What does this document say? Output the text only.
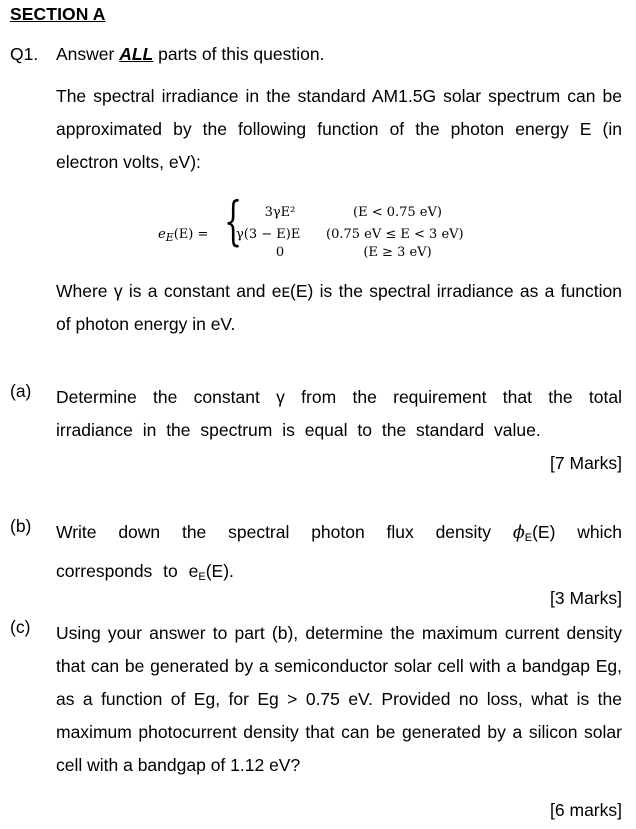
SECTION A
Q1. Answer ALL parts of this question.
The spectral irradiance in the standard AM1.5G solar spectrum can be approximated by the following function of the photon energy E (in electron volts, eV):
$e_E(E)$ = {	3γE²
γ(3 − E)E
0
(E < 0.75 eV)
(0.75 eV ≤ E < 3 eV)
(E ≥ 3 eV)
Where γ is a constant and eᴇ(E) is the spectral irradiance as a function of photon energy in eV.
(a) Determine the constant γ from the requirement that the total irradiance in the spectrum is equal to the standard value.
[7 Marks]
(b) Write down the spectral photon flux density $\phi_E(E)$ which corresponds to $e_E(E)$.
[3 Marks]
(c) Using your answer to part (b), determine the maximum current density that can be generated by a semiconductor solar cell with a bandgap Eg, as a function of Eg, for Eg > 0.75 eV. Provided no loss, what is the maximum photocurrent density that can be generated by a silicon solar cell with a bandgap of 1.12 eV?
[6 marks]
